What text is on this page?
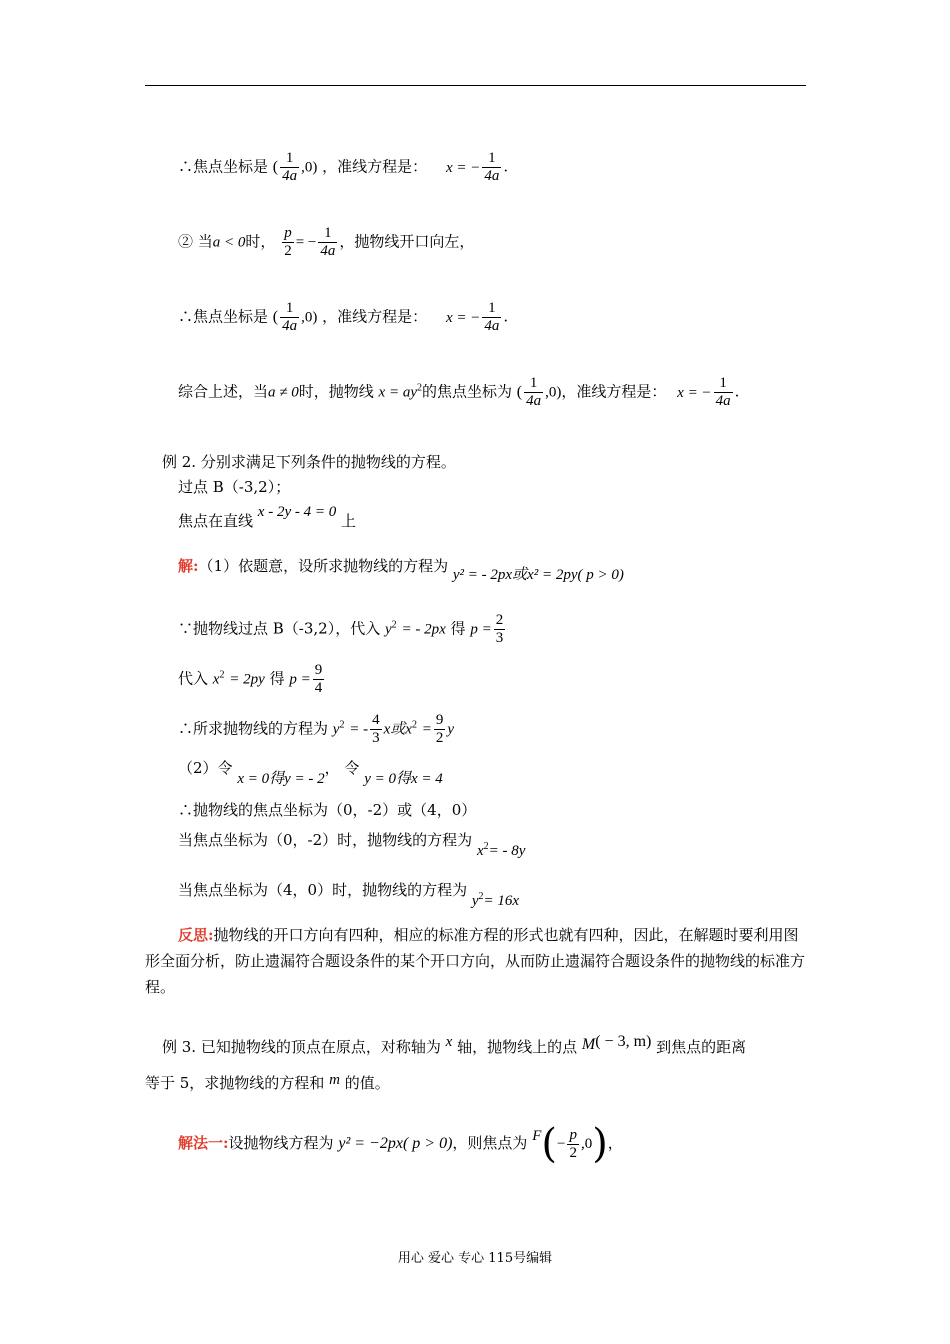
∴焦点坐标是 ( $\frac{1}{4a} ,0$) ，准线方程是： x = − $\frac{1}{4a}$ .
② 当a < 0时， $\frac{p}{2}$ = − $\frac{1}{4a}$ ，抛物线开口向左，
∴焦点坐标是 ( $\frac{1}{4a} ,0$) ，准线方程是： x = − $\frac{1}{4a}$ .
综合上述，当a ≠ 0时，抛物线 $x = ay^2$的焦点坐标为 ( $\frac{1}{4a} ,0$)，准线方程是： x = − $\frac{1}{4a}$ .
例 2. 分别求满足下列条件的抛物线的方程。
过点 B（-3,2）；
焦点在直线 x - 2y - 4 = 0 上
解:（1）依题意，设所求抛物线的方程为 y² = - 2px或x² = 2py( p > 0)
∵抛物线过点 B（-3,2），代入 $y^2$ = - 2px 得 $p = \frac{2}{3}$
代入 $x^2 = 2py$ 得 $p = \frac{9}{4}$
∴所求抛物线的方程为 $y^2$ = - $\frac{4}{3}$ x或$x^2 = \frac{9}{2}$ y
（2）令 x = 0得y = - 2， 令 y = 0得x = 4
∴抛物线的焦点坐标为（0，-2）或（4，0）
当焦点坐标为（0，-2）时，抛物线的方程为 $x^2= - 8y$
当焦点坐标为（4，0）时，抛物线的方程为 $y^2= 16x$
反思:抛物线的开口方向有四种，相应的标准方程的形式也就有四种，因此，在解题时要利用图形全面分析，防止遗漏符合题设条件的某个开口方向，从而防止遗漏符合题设条件的抛物线的标准方程。
例 3. 已知抛物线的顶点在原点，对称轴为 x 轴，抛物线上的点 M( − 3, m) 到焦点的距离
等于 5，求抛物线的方程和 m 的值。
解法一:设抛物线方程为 y² = −2px( p > 0)，则焦点为 $F(- \frac{p}{2} ,0)$，
用心 爱心 专心 115号编辑
